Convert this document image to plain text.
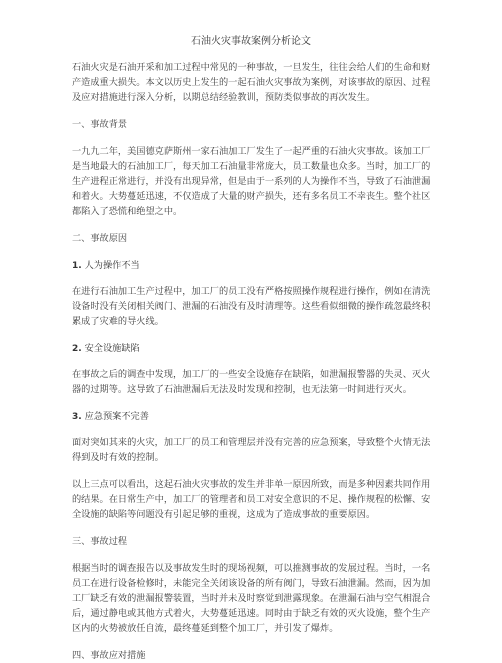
石油火灾事故案例分析论文
石油火灾是石油开采和加工过程中常见的一种事故，一旦发生，往往会给人们的生命和财
产造成重大损失。本文以历史上发生的一起石油火灾事故为案例，对该事故的原因、过程
及应对措施进行深入分析，以期总结经验教训，预防类似事故的再次发生。
一、事故背景
一九九二年，美国德克萨斯州一家石油加工厂发生了一起严重的石油火灾事故。该加工厂
是当地最大的石油加工厂，每天加工石油量非常庞大，员工数量也众多。当时，加工厂的
生产进程正常进行，并没有出现异常，但是由于一系列的人为操作不当，导致了石油泄漏
和着火。大势蔓延迅速，不仅造成了大量的财产损失，还有多名员工不幸丧生。整个社区
都陷入了恐慌和绝望之中。
二、事故原因
1. 人为操作不当
在进行石油加工生产过程中，加工厂的员工没有严格按照操作规程进行操作，例如在清洗
设备时没有关闭相关阀门、泄漏的石油没有及时清理等。这些看似细微的操作疏忽最终积
累成了灾难的导火线。
2. 安全设施缺陷
在事故之后的调查中发现，加工厂的一些安全设施存在缺陷，如泄漏报警器的失灵、灭火
器的过期等。这导致了石油泄漏后无法及时发现和控制，也无法第一时间进行灭火。
3. 应急预案不完善
面对突如其来的火灾，加工厂的员工和管理层并没有完善的应急预案，导致整个火情无法
得到及时有效的控制。
以上三点可以看出，这起石油火灾事故的发生并非单一原因所致，而是多种因素共同作用
的结果。在日常生产中，加工厂的管理者和员工对安全意识的不足、操作规程的松懈、安
全设施的缺陷等问题没有引起足够的重视，这成为了造成事故的重要原因。
三、事故过程
根据当时的调查报告以及事故发生时的现场视频，可以推测事故的发展过程。当时，一名
员工在进行设备检修时，未能完全关闭该设备的所有阀门，导致石油泄漏。然而，因为加
工厂缺乏有效的泄漏报警装置，当时并未及时察觉到泄露现象。在泄漏石油与空气相混合
后，通过静电或其他方式着火，大势蔓延迅速。同时由于缺乏有效的灭火设施，整个生产
区内的火势被放任自流，最终蔓延到整个加工厂，并引发了爆炸。
四、事故应对措施
